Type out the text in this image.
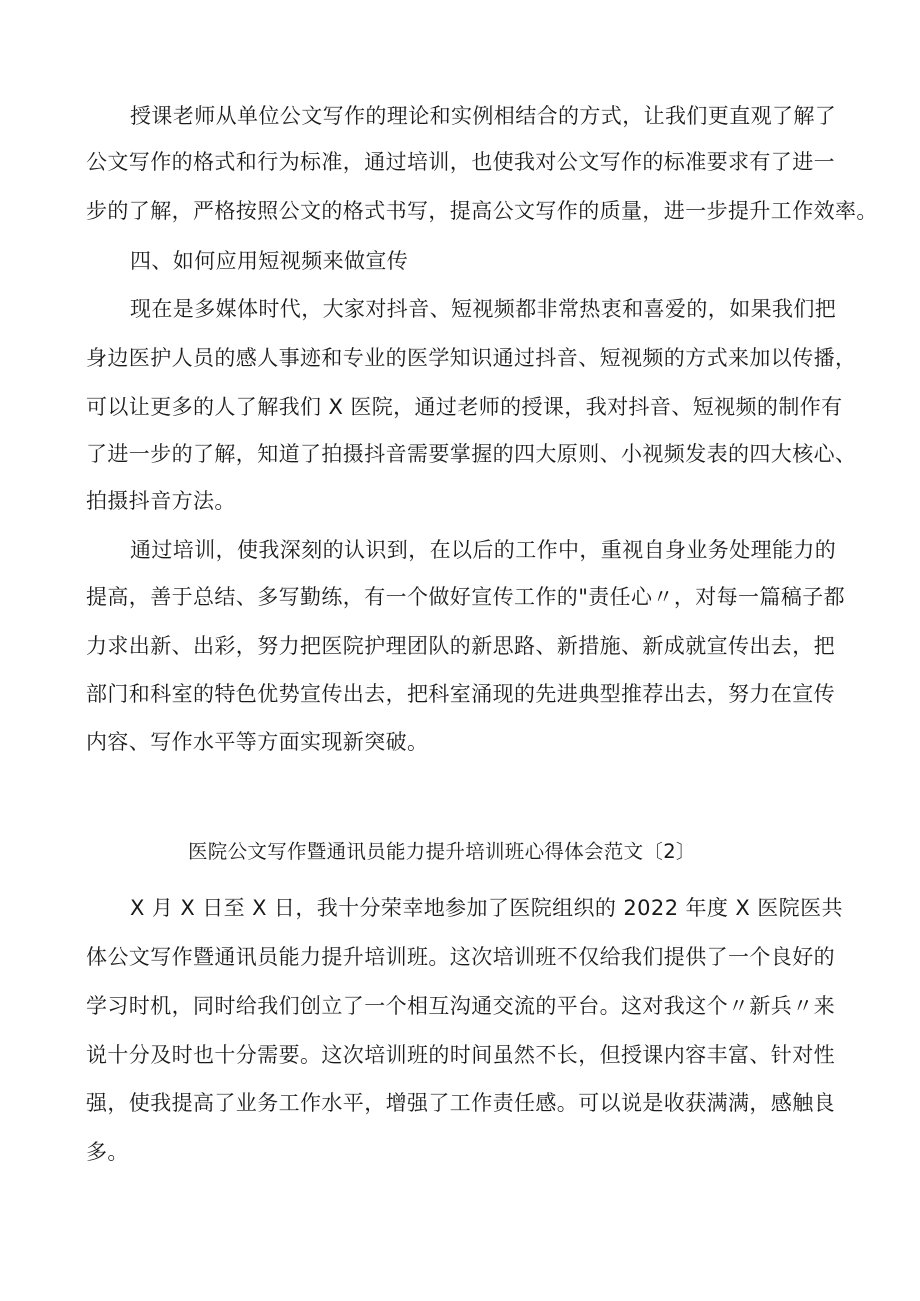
授课老师从单位公文写作的理论和实例相结合的方式，让我们更直观了解了
公文写作的格式和行为标准，通过培训，也使我对公文写作的标准要求有了进一
步的了解，严格按照公文的格式书写，提高公文写作的质量，进一步提升工作效率。
四、如何应用短视频来做宣传
现在是多媒体时代，大家对抖音、短视频都非常热衷和喜爱的，如果我们把
身边医护人员的感人事迹和专业的医学知识通过抖音、短视频的方式来加以传播，
可以让更多的人了解我们 X 医院，通过老师的授课，我对抖音、短视频的制作有
了进一步的了解，知道了拍摄抖音需要掌握的四大原则、小视频发表的四大核心、
拍摄抖音方法。
通过培训，使我深刻的认识到，在以后的工作中，重视自身业务处理能力的
提高，善于总结、多写勤练，有一个做好宣传工作的"责任心〃，对每一篇稿子都
力求出新、出彩，努力把医院护理团队的新思路、新措施、新成就宣传出去，把
部门和科室的特色优势宣传出去，把科室涌现的先进典型推荐出去，努力在宣传
内容、写作水平等方面实现新突破。
医院公文写作暨通讯员能力提升培训班心得体会范文〔2〕
X 月 X 日至 X 日，我十分荣幸地参加了医院组织的 2022 年度 X 医院医共
体公文写作暨通讯员能力提升培训班。这次培训班不仅给我们提供了一个良好的
学习时机，同时给我们创立了一个相互沟通交流的平台。这对我这个〃新兵〃来
说十分及时也十分需要。这次培训班的时间虽然不长，但授课内容丰富、针对性
强，使我提高了业务工作水平，增强了工作责任感。可以说是收获满满，感触良
多。
